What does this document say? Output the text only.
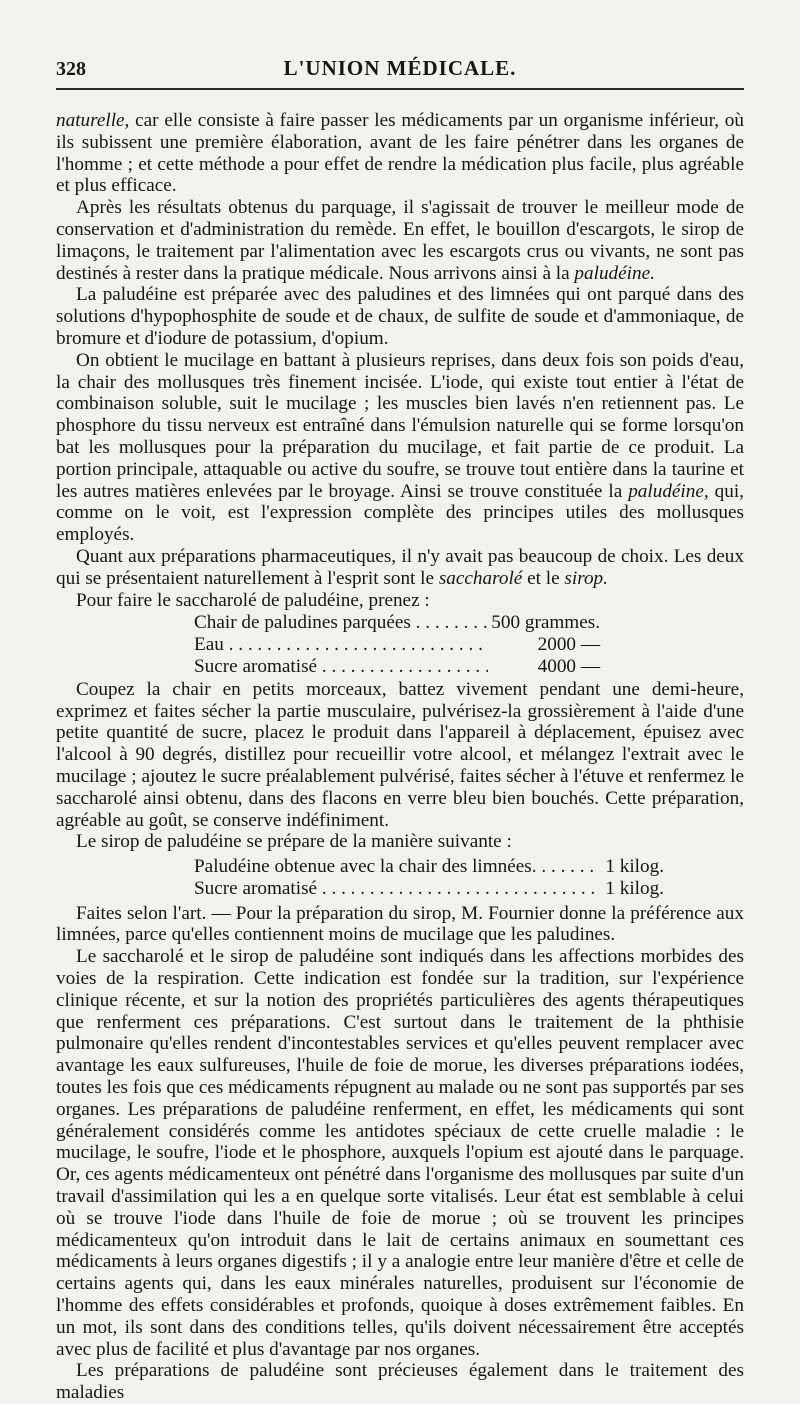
328	L'UNION MÉDICALE.

naturelle, car elle consiste à faire passer les médicaments par un organisme inférieur, où ils subissent une première élaboration, avant de les faire pénétrer dans les organes de l'homme ; et cette méthode a pour effet de rendre la médication plus facile, plus agréable et plus efficace.

Après les résultats obtenus du parquage, il s'agissait de trouver le meilleur mode de conservation et d'administration du remède. En effet, le bouillon d'escargots, le sirop de limaçons, le traitement par l'alimentation avec les escargots crus ou vivants, ne sont pas destinés à rester dans la pratique médicale. Nous arrivons ainsi à la paludéine.

La paludéine est préparée avec des paludines et des limnées qui ont parqué dans des solutions d'hypophosphite de soude et de chaux, de sulfite de soude et d'ammoniaque, de bromure et d'iodure de potassium, d'opium.

On obtient le mucilage en battant à plusieurs reprises, dans deux fois son poids d'eau, la chair des mollusques très finement incisée. L'iode, qui existe tout entier à l'état de combinaison soluble, suit le mucilage ; les muscles bien lavés n'en retiennent pas. Le phosphore du tissu nerveux est entraîné dans l'émulsion naturelle qui se forme lorsqu'on bat les mollusques pour la préparation du mucilage, et fait partie de ce produit. La portion principale, attaquable ou active du soufre, se trouve tout entière dans la taurine et les autres matières enlevées par le broyage. Ainsi se trouve constituée la paludéine, qui, comme on le voit, est l'expression complète des principes utiles des mollusques employés.

Quant aux préparations pharmaceutiques, il n'y avait pas beaucoup de choix. Les deux qui se présentaient naturellement à l'esprit sont le saccharolé et le sirop.

Pour faire le saccharolé de paludéine, prenez :

Chair de paludines parquées . . .	500 grammes.
Eau . . .	2000 —
Sucre aromatisé . . .	4000 —

Coupez la chair en petits morceaux, battez vivement pendant une demi-heure, exprimez et faites sécher la partie musculaire, pulvérisez-la grossièrement à l'aide d'une petite quantité de sucre, placez le produit dans l'appareil à déplacement, épuisez avec l'alcool à 90 degrés, distillez pour recueillir votre alcool, et mélangez l'extrait avec le mucilage ; ajoutez le sucre préalablement pulvérisé, faites sécher à l'étuve et renfermez le saccharolé ainsi obtenu, dans des flacons en verre bleu bien bouchés. Cette préparation, agréable au goût, se conserve indéfiniment.

Le sirop de paludéine se prépare de la manière suivante :

Paludéine obtenue avec la chair des limnées. . . .	1 kilog.
Sucre aromatisé . . .	1 kilog.

Faites selon l'art. — Pour la préparation du sirop, M. Fournier donne la préférence aux limnées, parce qu'elles contiennent moins de mucilage que les paludines.

Le saccharolé et le sirop de paludéine sont indiqués dans les affections morbides des voies de la respiration. Cette indication est fondée sur la tradition, sur l'expérience clinique récente, et sur la notion des propriétés particulières des agents thérapeutiques que renferment ces préparations. C'est surtout dans le traitement de la phthisie pulmonaire qu'elles rendent d'incontestables services et qu'elles peuvent remplacer avec avantage les eaux sulfureuses, l'huile de foie de morue, les diverses préparations iodées, toutes les fois que ces médicaments répugnent au malade ou ne sont pas supportés par ses organes. Les préparations de paludéine renferment, en effet, les médicaments qui sont généralement considérés comme les antidotes spéciaux de cette cruelle maladie : le mucilage, le soufre, l'iode et le phosphore, auxquels l'opium est ajouté dans le parquage. Or, ces agents médicamenteux ont pénétré dans l'organisme des mollusques par suite d'un travail d'assimilation qui les a en quelque sorte vitalisés. Leur état est semblable à celui où se trouve l'iode dans l'huile de foie de morue ; où se trouvent les principes médicamenteux qu'on introduit dans le lait de certains animaux en soumettant ces médicaments à leurs organes digestifs ; il y a analogie entre leur manière d'être et celle de certains agents qui, dans les eaux minérales naturelles, produisent sur l'économie de l'homme des effets considérables et profonds, quoique à doses extrêmement faibles. En un mot, ils sont dans des conditions telles, qu'ils doivent nécessairement être acceptés avec plus de facilité et plus d'avantage par nos organes.

Les préparations de paludéine sont précieuses également dans le traitement des maladies
